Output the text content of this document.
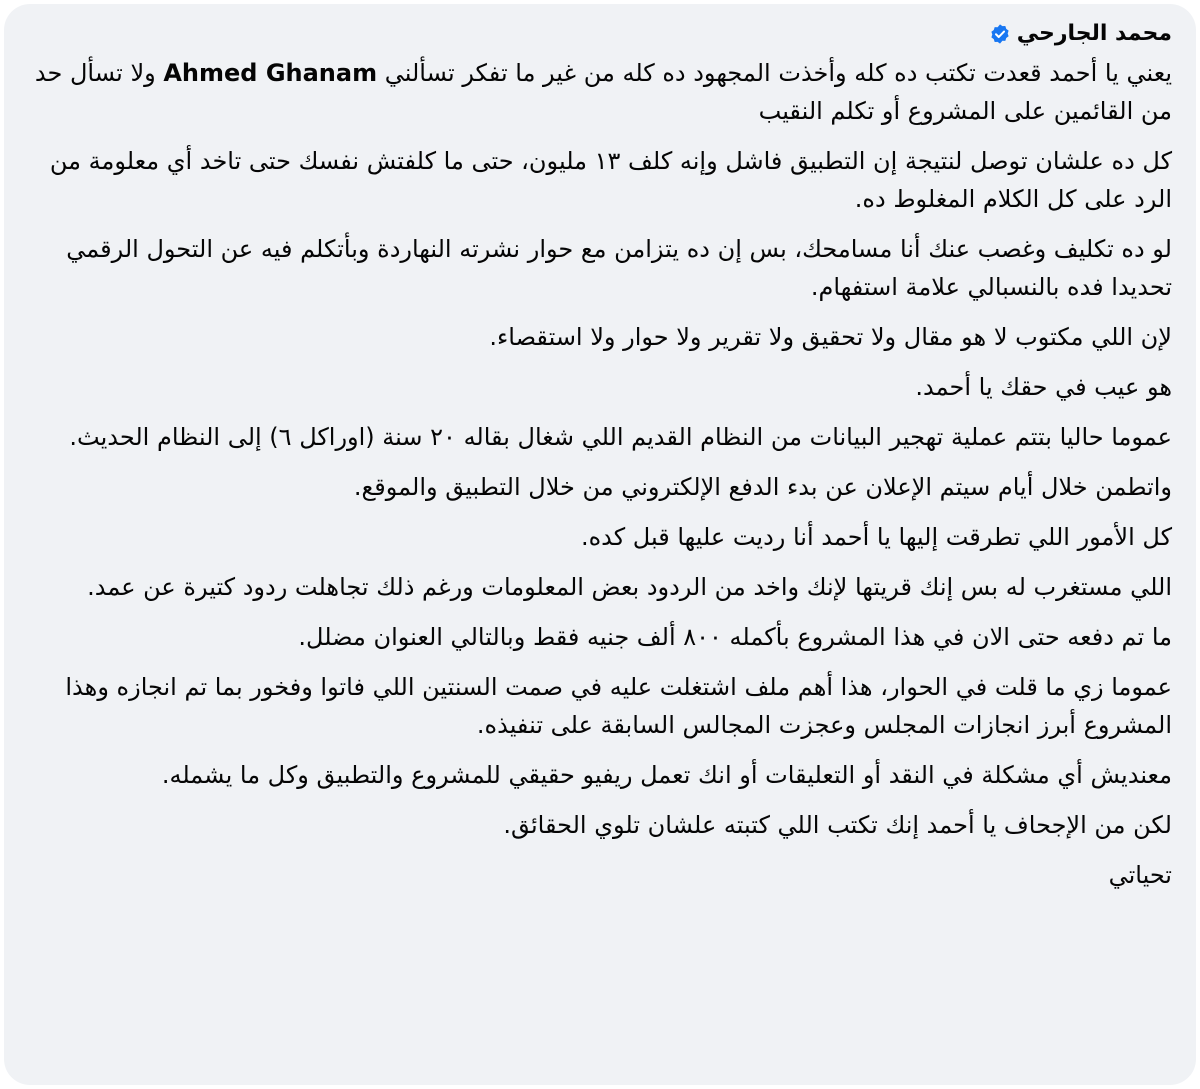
محمد الجارحي

يعني يا أحمد قعدت تكتب ده كله وأخذت المجهود ده كله من غير ما تفكر تسألني Ahmed Ghanam ولا تسأل حد من القائمين على المشروع أو تكلم النقيب

كل ده علشان توصل لنتيجة إن التطبيق فاشل وإنه كلف ١٣ مليون، حتى ما كلفتش نفسك حتى تاخد أي معلومة من الرد على كل الكلام المغلوط ده.

لو ده تكليف وغصب عنك أنا مسامحك، بس إن ده يتزامن مع حوار نشرته النهاردة وبأتكلم فيه عن التحول الرقمي تحديدا فده بالنسبالي علامة استفهام.

لإن اللي مكتوب لا هو مقال ولا تحقيق ولا تقرير ولا حوار ولا استقصاء.

هو عيب في حقك يا أحمد.

عموما حاليا بتتم عملية تهجير البيانات من النظام القديم اللي شغال بقاله ٢٠ سنة (اوراكل ٦) إلى النظام الحديث.

واتطمن خلال أيام سيتم الإعلان عن بدء الدفع الإلكتروني من خلال التطبيق والموقع.

كل الأمور اللي تطرقت إليها يا أحمد أنا رديت عليها قبل كده.

اللي مستغرب له بس إنك قريتها لإنك واخد من الردود بعض المعلومات ورغم ذلك تجاهلت ردود كتيرة عن عمد.

ما تم دفعه حتى الان في هذا المشروع بأكمله ٨٠٠ ألف جنيه فقط وبالتالي العنوان مضلل.

عموما زي ما قلت في الحوار، هذا أهم ملف اشتغلت عليه في صمت السنتين اللي فاتوا وفخور بما تم انجازه وهذا المشروع أبرز انجازات المجلس وعجزت المجالس السابقة على تنفيذه.

معنديش أي مشكلة في النقد أو التعليقات أو انك تعمل ريفيو حقيقي للمشروع والتطبيق وكل ما يشمله.

لكن من الإجحاف يا أحمد إنك تكتب اللي كتبته علشان تلوي الحقائق.

تحياتي
